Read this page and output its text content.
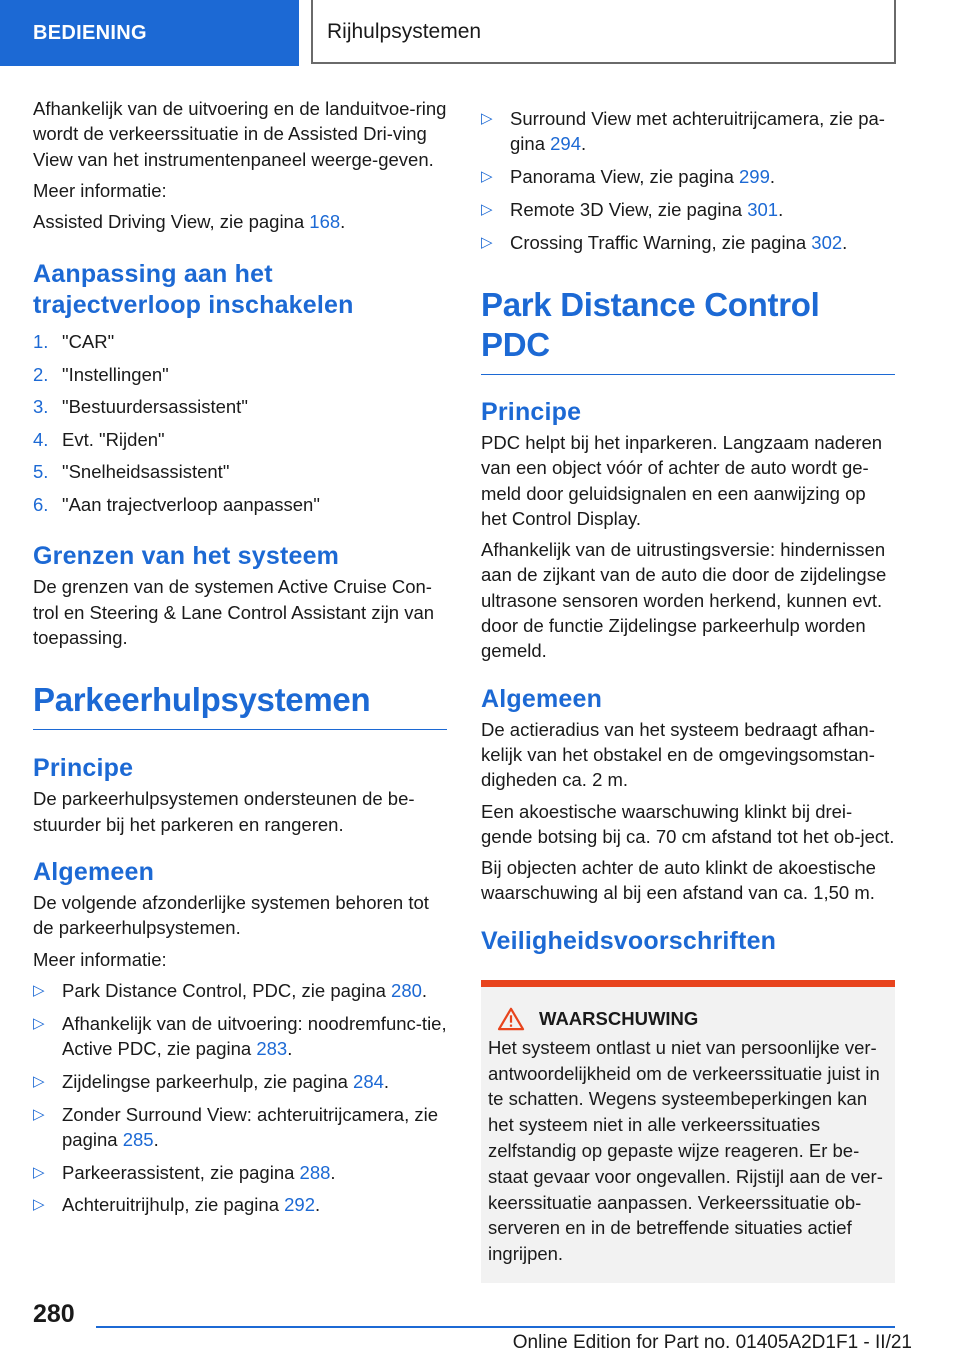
BEDIENING	Rijhulpsystemen

Afhankelijk van de uitvoering en de landuitvoe-ring wordt de verkeerssituatie in de Assisted Dri-ving View van het instrumentenpaneel weerge-geven.

Meer informatie:

Assisted Driving View, zie pagina 168.

Aanpassing aan het trajectverloop inschakelen
1. "CAR"
2. "Instellingen"
3. "Bestuurdersassistent"
4. Evt. "Rijden"
5. "Snelheidsassistent"
6. "Aan trajectverloop aanpassen"
Grenzen van het systeem

De grenzen van de systemen Active Cruise Con-trol en Steering & Lane Control Assistant zijn van toepassing.

Parkeerhulpsystemen
Principe

De parkeerhulpsystemen ondersteunen de be-stuurder bij het parkeren en rangeren.

Algemeen

De volgende afzonderlijke systemen behoren tot de parkeerhulpsystemen.

Meer informatie:

▷ Park Distance Control, PDC, zie pagina 280.
▷ Afhankelijk van de uitvoering: noodremfunc-tie, Active PDC, zie pagina 283.
▷ Zijdelingse parkeerhulp, zie pagina 284.
▷ Zonder Surround View: achteruitrijcamera, zie pagina 285.
▷ Parkeerassistent, zie pagina 288.
▷ Achteruitrijhulp, zie pagina 292.
▷ Surround View met achteruitrijcamera, zie pa-gina 294.
▷ Panorama View, zie pagina 299.
▷ Remote 3D View, zie pagina 301.
▷ Crossing Traffic Warning, zie pagina 302.
Park Distance Control PDC
Principe

PDC helpt bij het inparkeren. Langzaam naderen van een object vóór of achter de auto wordt ge-meld door geluidsignalen en een aanwijzing op het Control Display.

Afhankelijk van de uitrustingsversie: hindernissen aan de zijkant van de auto die door de zijdelingse ultrasone sensoren worden herkend, kunnen evt. door de functie Zijdelingse parkeerhulp worden gemeld.

Algemeen

De actieradius van het systeem bedraagt afhan-kelijk van het obstakel en de omgevingsomstan-digheden ca. 2 m.

Een akoestische waarschuwing klinkt bij drei-gende botsing bij ca. 70 cm afstand tot het ob-ject.

Bij objecten achter de auto klinkt de akoestische waarschuwing al bij een afstand van ca. 1,50 m.

Veiligheidsvoorschriften
WAARSCHUWING

Het systeem ontlast u niet van persoonlijke ver-antwoordelijkheid om de verkeerssituatie juist in te schatten. Wegens systeembeperkingen kan het systeem niet in alle verkeerssituaties zelfstandig op gepaste wijze reageren. Er be-staat gevaar voor ongevallen. Rijstijl aan de ver-keerssituatie aanpassen. Verkeerssituatie ob-serveren en in de betreffende situaties actief ingrijpen.

280
Online Edition for Part no. 01405A2D1F1 - II/21
